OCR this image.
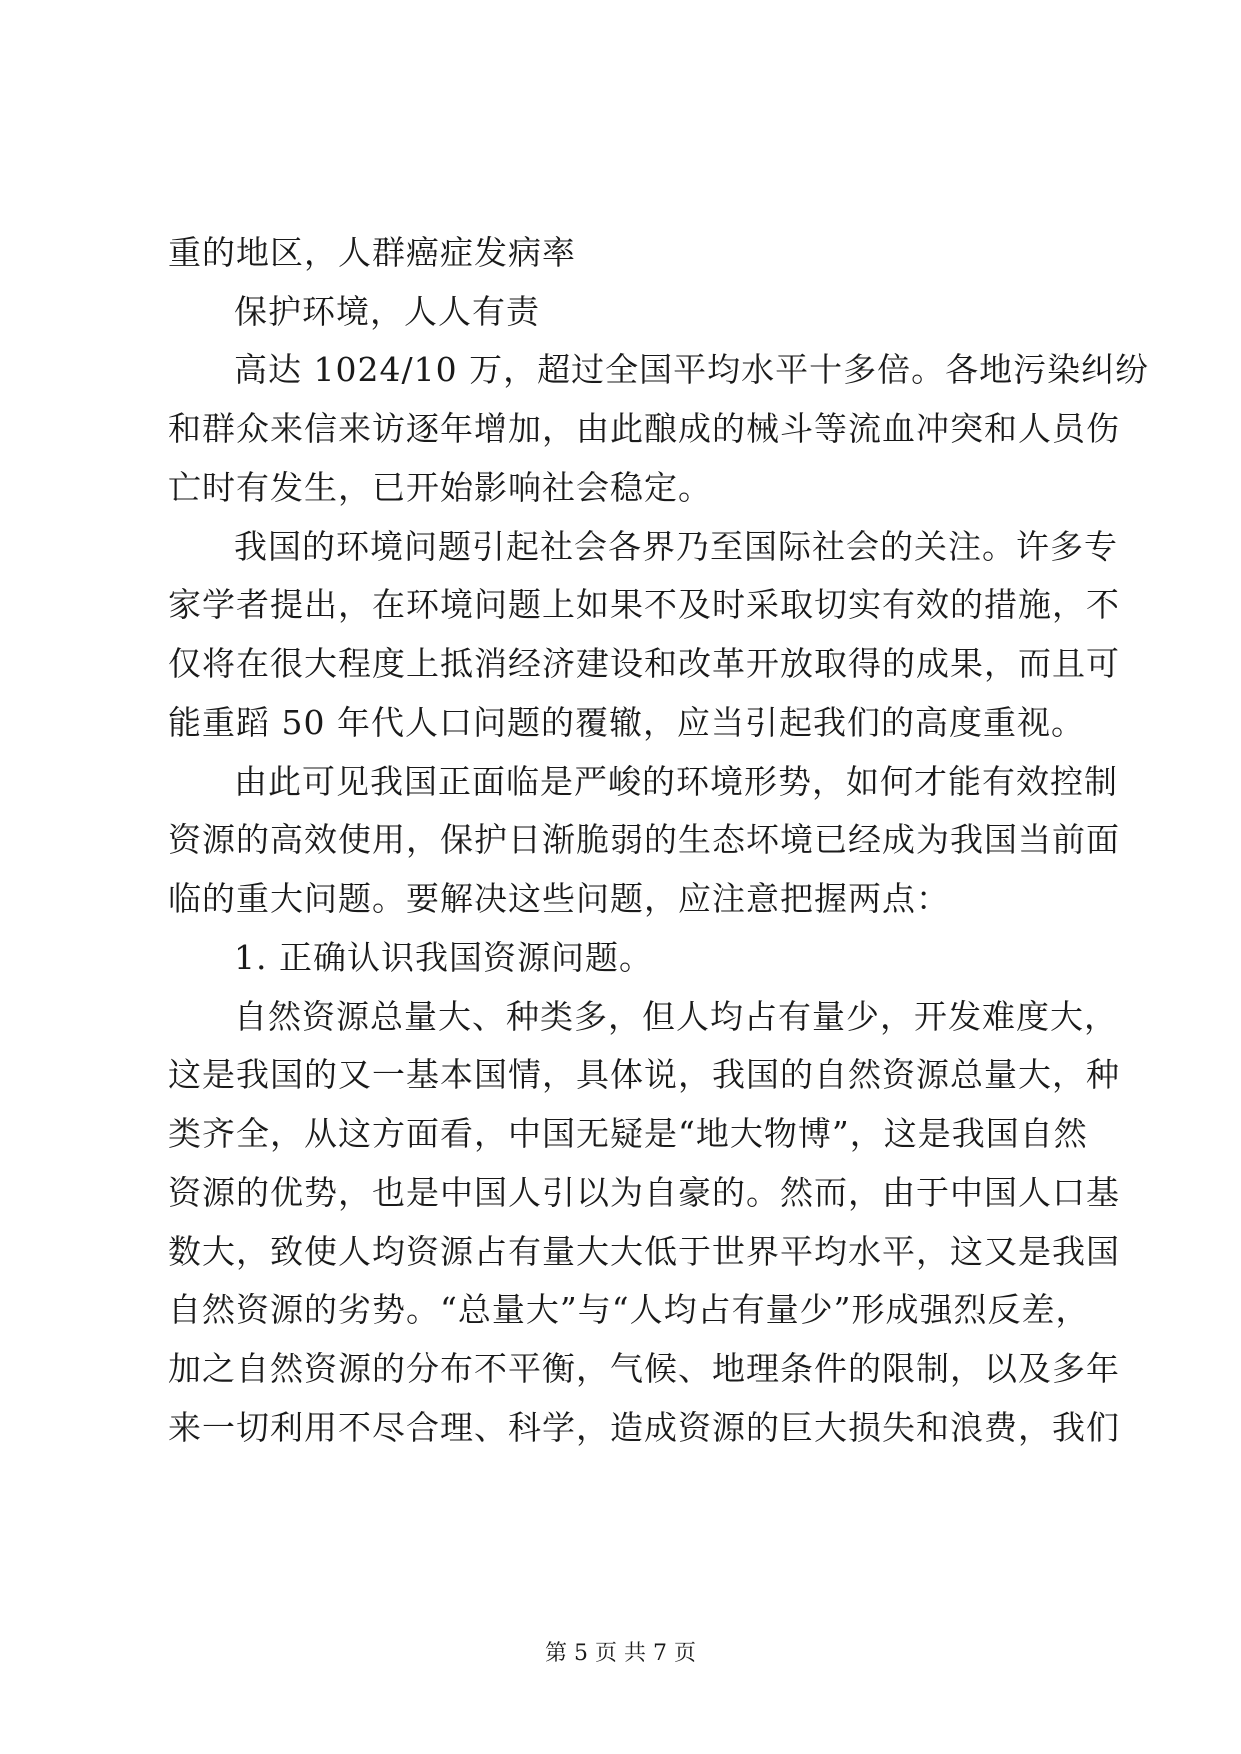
重的地区，人群癌症发病率
保护环境，人人有责
高达 1024/10 万，超过全国平均水平十多倍。各地污染纠纷
和群众来信来访逐年增加，由此酿成的械斗等流血冲突和人员伤
亡时有发生，已开始影响社会稳定。
我国的环境问题引起社会各界乃至国际社会的关注。许多专
家学者提出，在环境问题上如果不及时采取切实有效的措施，不
仅将在很大程度上抵消经济建设和改革开放取得的成果，而且可
能重蹈 50 年代人口问题的覆辙，应当引起我们的高度重视。
由此可见我国正面临是严峻的环境形势，如何才能有效控制
资源的高效使用，保护日渐脆弱的生态坏境已经成为我国当前面
临的重大问题。要解决这些问题，应注意把握两点：
1. 正确认识我国资源问题。
自然资源总量大、种类多，但人均占有量少，开发难度大，
这是我国的又一基本国情，具体说，我国的自然资源总量大，种
类齐全，从这方面看，中国无疑是“地大物博”，这是我国自然
资源的优势，也是中国人引以为自豪的。然而，由于中国人口基
数大，致使人均资源占有量大大低于世界平均水平，这又是我国
自然资源的劣势。“总量大”与“人均占有量少”形成强烈反差，
加之自然资源的分布不平衡，气候、地理条件的限制，以及多年
来一切利用不尽合理、科学，造成资源的巨大损失和浪费，我们
第 5 页 共 7 页
